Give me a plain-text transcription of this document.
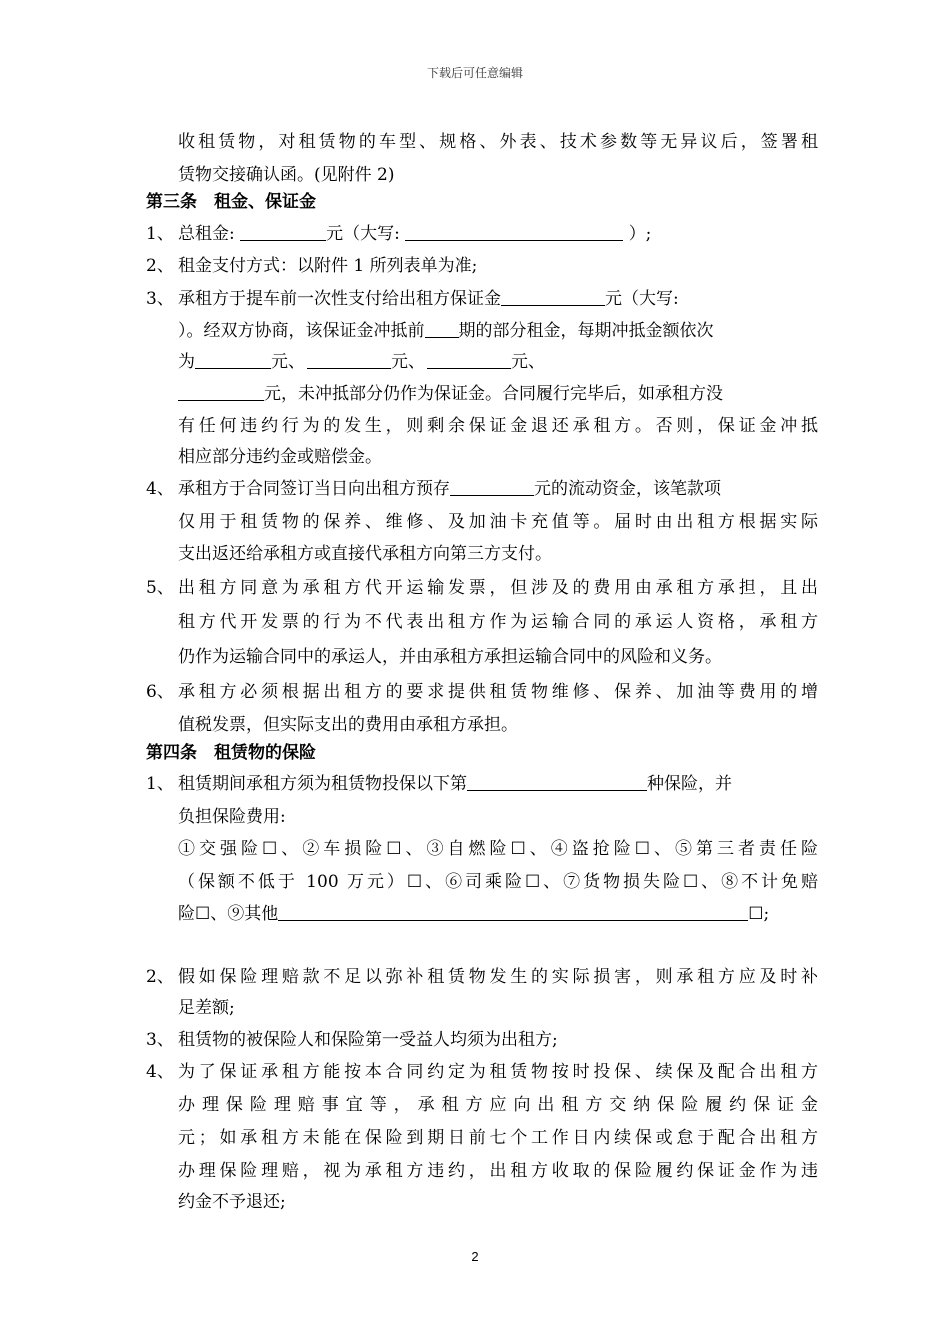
下载后可任意编辑
收租赁物，对租赁物的车型、规格、外表、技术参数等无异议后，签署租
赁物交接确认函。(见附件 2)
第三条　租金、保证金
1、 总租金:	元（大写:	）;
2、 租金支付方式：以附件 1 所列表单为准;
3、 承租方于提车前一次性支付给出租方保证金	元（大写:
）。经双方协商，该保证金冲抵前 期的部分租金，每期冲抵金额依次
为	元、	元、	元、
元，未冲抵部分仍作为保证金。合同履行完毕后，如承租方没
有任何违约行为的发生，则剩余保证金退还承租方。否则，保证金冲抵
相应部分违约金或赔偿金。
4、 承租方于合同签订当日向出租方预存	元的流动资金，该笔款项
仅用于租赁物的保养、维修、及加油卡充值等。届时由出租方根据实际
支出返还给承租方或直接代承租方向第三方支付。
5、 出租方同意为承租方代开运输发票，但涉及的费用由承租方承担，且出
租方代开发票的行为不代表出租方作为运输合同的承运人资格，承租方
仍作为运输合同中的承运人，并由承租方承担运输合同中的风险和义务。
6、 承租方必须根据出租方的要求提供租赁物维修、保养、加油等费用的增
值税发票，但实际支出的费用由承租方承担。
第四条　租赁物的保险
1、 租赁期间承租方须为租赁物投保以下第	种保险，并
负担保险费用:
①交强险☐、②车损险☐、③自燃险☐、④盗抢险☐、⑤第三者责任险
（保额不低于 100 万元）☐、⑥司乘险☐、⑦货物损失险☐、⑧不计免赔
险☐、⑨其他	☐;
2、 假如保险理赔款不足以弥补租赁物发生的实际损害，则承租方应及时补
足差额;
3、 租赁物的被保险人和保险第一受益人均须为出租方;
4、 为了保证承租方能按本合同约定为租赁物按时投保、续保及配合出租方
办理保险理赔事宜等，承租方应向出租方交纳保险履约保证金
元；如承租方未能在保险到期日前七个工作日内续保或怠于配合出租方
办理保险理赔，视为承租方违约，出租方收取的保险履约保证金作为违
约金不予退还;
2
